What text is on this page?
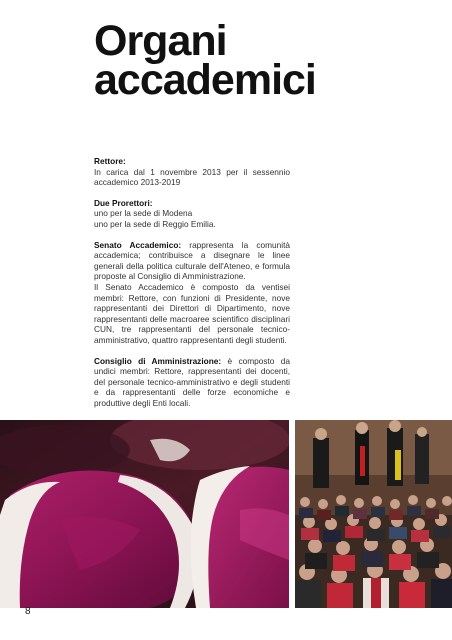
Organi
accademici

Rettore:
In carica dal 1 novembre 2013 per il sessennio accademico 2013-2019

Due Prorettori:
uno per la sede di Modena
uno per la sede di Reggio Emilia.

Senato Accademico: rappresenta la comunità accademica; contribuisce a disegnare le linee generali della politica culturale dell'Ateneo, e formula proposte al Consiglio di Amministrazione.
Il Senato Accademico è composto da ventisei membri: Rettore, con funzioni di Presidente, nove rappresentanti dei Direttori di Dipartimento, nove rappresentanti delle macroaree scientifico disciplinari CUN, tre rappresentanti del personale tecnico-amministrativo, quattro rappresentanti degli studenti.

Consiglio di Amministrazione: è composto da undici membri: Rettore, rappresentanti dei docenti, del personale tecnico-amministrativo e degli studenti e da rappresentanti delle forze economiche e produttive degli Enti locali.

8
